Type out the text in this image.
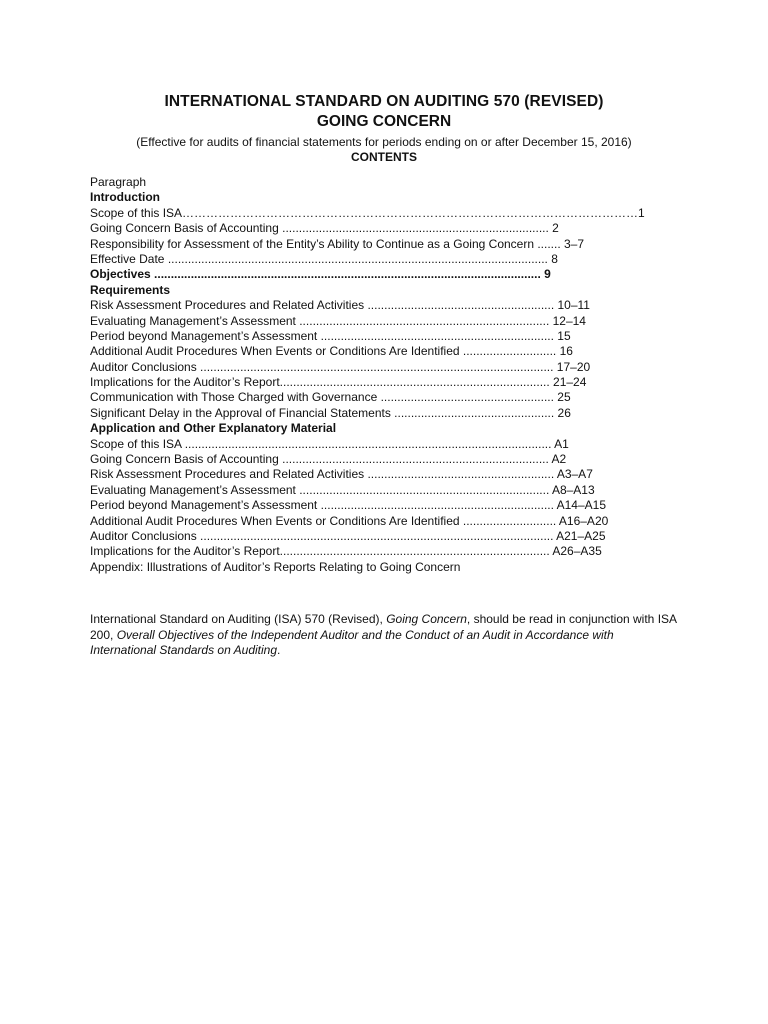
INTERNATIONAL STANDARD ON AUDITING 570 (REVISED)
GOING CONCERN
(Effective for audits of financial statements for periods ending on or after December 15, 2016)
CONTENTS
Paragraph
Introduction
Scope of this ISA……………………………………………………………………………………………………1
Going Concern Basis of Accounting ................................................................................ 2
Responsibility for Assessment of the Entity’s Ability to Continue as a Going Concern ....... 3–7
Effective Date .................................................................................................................. 8
Objectives .................................................................................................................... 9
Requirements
Risk Assessment Procedures and Related Activities ........................................................ 10–11
Evaluating Management’s Assessment ........................................................................... 12–14
Period beyond Management’s Assessment ...................................................................... 15
Additional Audit Procedures When Events or Conditions Are Identified ............................ 16
Auditor Conclusions .......................................................................................................... 17–20
Implications for the Auditor’s Report................................................................................. 21–24
Communication with Those Charged with Governance .................................................... 25
Significant Delay in the Approval of Financial Statements ................................................ 26
Application and Other Explanatory Material
Scope of this ISA .............................................................................................................. A1
Going Concern Basis of Accounting ................................................................................ A2
Risk Assessment Procedures and Related Activities ........................................................ A3–A7
Evaluating Management’s Assessment ........................................................................... A8–A13
Period beyond Management’s Assessment ...................................................................... A14–A15
Additional Audit Procedures When Events or Conditions Are Identified ............................ A16–A20
Auditor Conclusions .......................................................................................................... A21–A25
Implications for the Auditor’s Report................................................................................. A26–A35
Appendix: Illustrations of Auditor’s Reports Relating to Going Concern
International Standard on Auditing (ISA) 570 (Revised), Going Concern, should be read in conjunction with ISA 200, Overall Objectives of the Independent Auditor and the Conduct of an Audit in Accordance with International Standards on Auditing.
